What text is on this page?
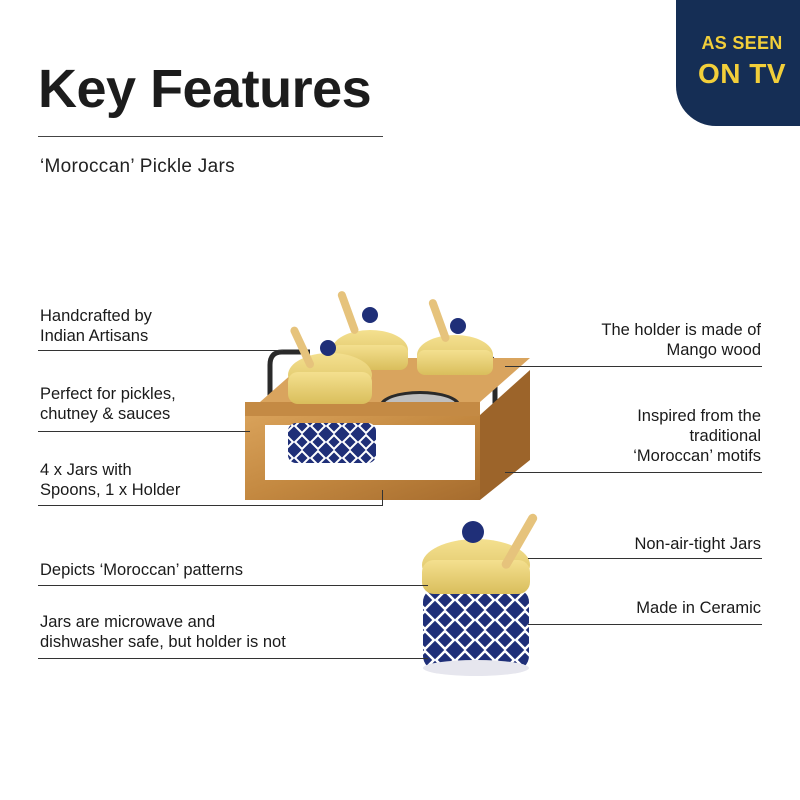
Key Features
‘Moroccan’ Pickle Jars
AS SEEN
ON TV
Handcrafted by
Indian Artisans
Perfect for pickles,
chutney & sauces
4 x Jars with
Spoons, 1 x Holder
Depicts ‘Moroccan’ patterns
Jars are microwave and
dishwasher safe, but holder is not
The holder is made of
Mango wood
Inspired from the
traditional
‘Moroccan’ motifs
Non-air-tight Jars
Made in Ceramic
